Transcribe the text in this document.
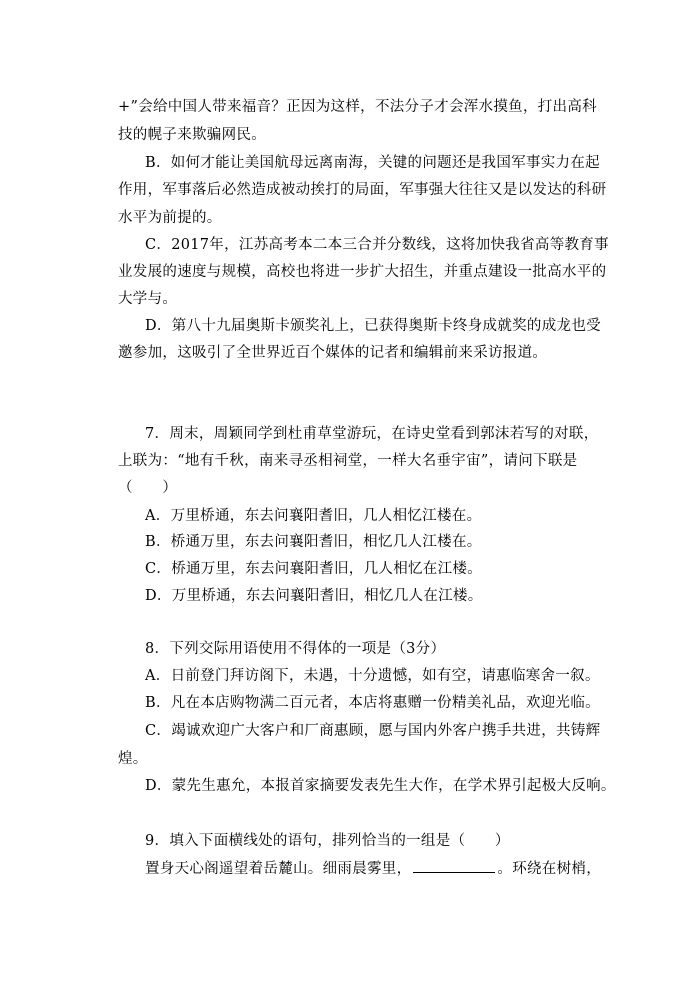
+”会给中国人带来福音？正因为这样，不法分子才会浑水摸鱼，打出高科
技的幌子来欺骗网民。
B．如何才能让美国航母远离南海，关键的问题还是我国军事实力在起
作用，军事落后必然造成被动挨打的局面，军事强大往往又是以发达的科研
水平为前提的。
C．2017年，江苏高考本二本三合并分数线，这将加快我省高等教育事
业发展的速度与规模，高校也将进一步扩大招生，并重点建设一批高水平的
大学与。
D．第八十九届奥斯卡颁奖礼上，已获得奥斯卡终身成就奖的成龙也受
邀参加，这吸引了全世界近百个媒体的记者和编辑前来采访报道。
7．周末，周颖同学到杜甫草堂游玩，在诗史堂看到郭沫若写的对联，
上联为：“地有千秋，南来寻丞相祠堂，一样大名垂宇宙”，请问下联是
（　　）
A．万里桥通，东去问襄阳耆旧，几人相忆江楼在。
B．桥通万里，东去问襄阳耆旧，相忆几人江楼在。
C．桥通万里，东去问襄阳耆旧，几人相忆在江楼。
D．万里桥通，东去问襄阳耆旧，相忆几人在江楼。
8．下列交际用语使用不得体的一项是（3分）
A．日前登门拜访阁下，未遇，十分遗憾，如有空，请惠临寒舍一叙。
B．凡在本店购物满二百元者，本店将惠赠一份精美礼品，欢迎光临。
C．竭诚欢迎广大客户和厂商惠顾，愿与国内外客户携手共进，共铸辉
煌。
D．蒙先生惠允，本报首家摘要发表先生大作，在学术界引起极大反响。
9．填入下面横线处的语句，排列恰当的一组是（　　）
置身天心阁遥望着岳麓山。细雨晨雾里，	。环绕在树梢，
